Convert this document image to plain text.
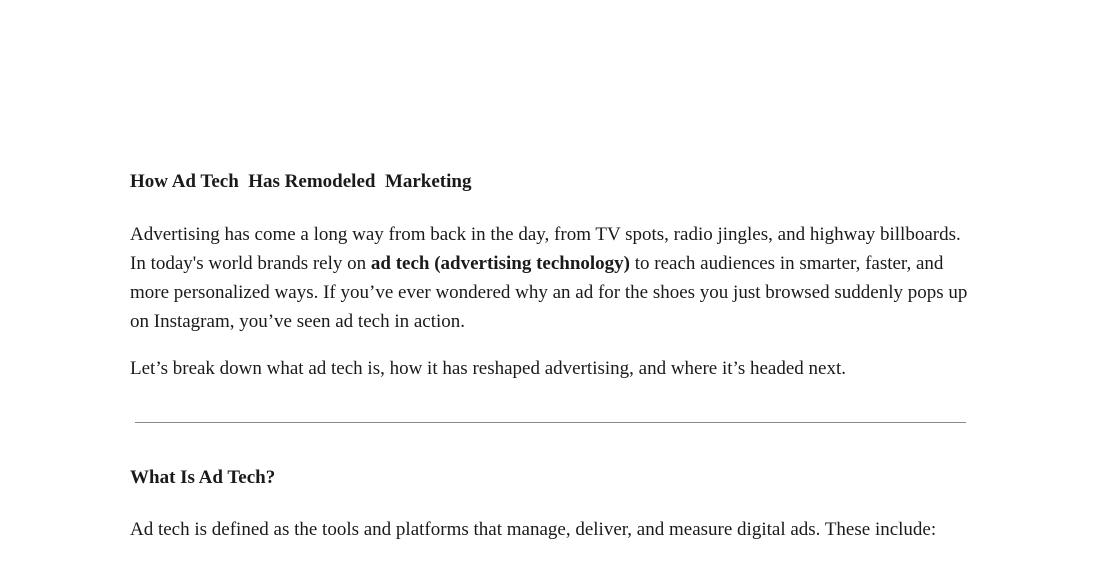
How Ad Tech  Has Remodeled  Marketing

Advertising has come a long way from back in the day, from TV spots, radio jingles, and highway billboards. In today's world brands rely on ad tech (advertising technology) to reach audiences in smarter, faster, and more personalized ways. If you’ve ever wondered why an ad for the shoes you just browsed suddenly pops up on Instagram, you’ve seen ad tech in action.

Let’s break down what ad tech is, how it has reshaped advertising, and where it’s headed next.

What Is Ad Tech?

Ad tech is defined as the tools and platforms that manage, deliver, and measure digital ads. These include:
